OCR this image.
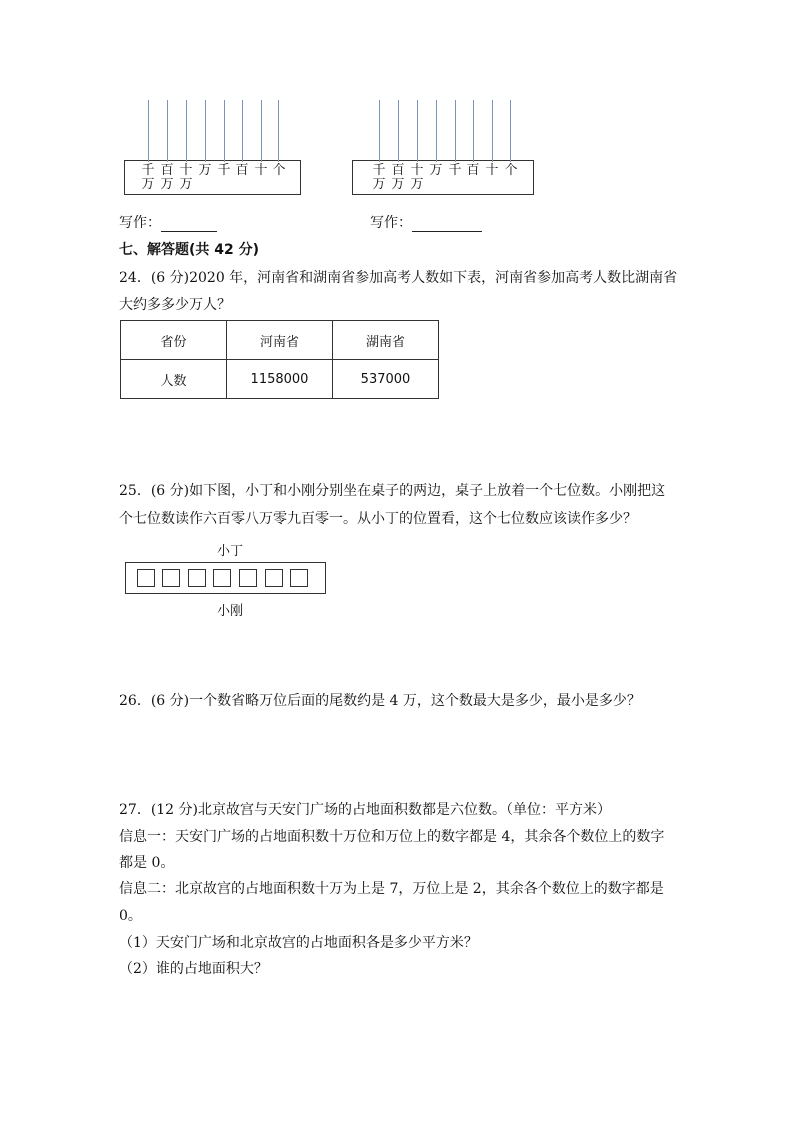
千 百 十 万 千 百 十 个
万 万 万
千 百 十 万 千 百 十 个
万 万 万
写作：	写作：
七、解答题(共 42 分)
24．(6 分)2020 年，河南省和湖南省参加高考人数如下表，河南省参加高考人数比湖南省
大约多多少万人？
省份	河南省	湖南省
人数	1158000	537000
25．(6 分)如下图，小丁和小刚分别坐在桌子的两边，桌子上放着一个七位数。小刚把这
个七位数读作六百零八万零九百零一。从小丁的位置看，这个七位数应该读作多少？
小丁
小刚
26．(6 分)一个数省略万位后面的尾数约是 4 万，这个数最大是多少，最小是多少？
27．(12 分)北京故宫与天安门广场的占地面积数都是六位数。（单位：平方米）
信息一：天安门广场的占地面积数十万位和万位上的数字都是 4，其余各个数位上的数字
都是 0。
信息二：北京故宫的占地面积数十万为上是 7，万位上是 2，其余各个数位上的数字都是
0。
（1）天安门广场和北京故宫的占地面积各是多少平方米？
（2）谁的占地面积大？
